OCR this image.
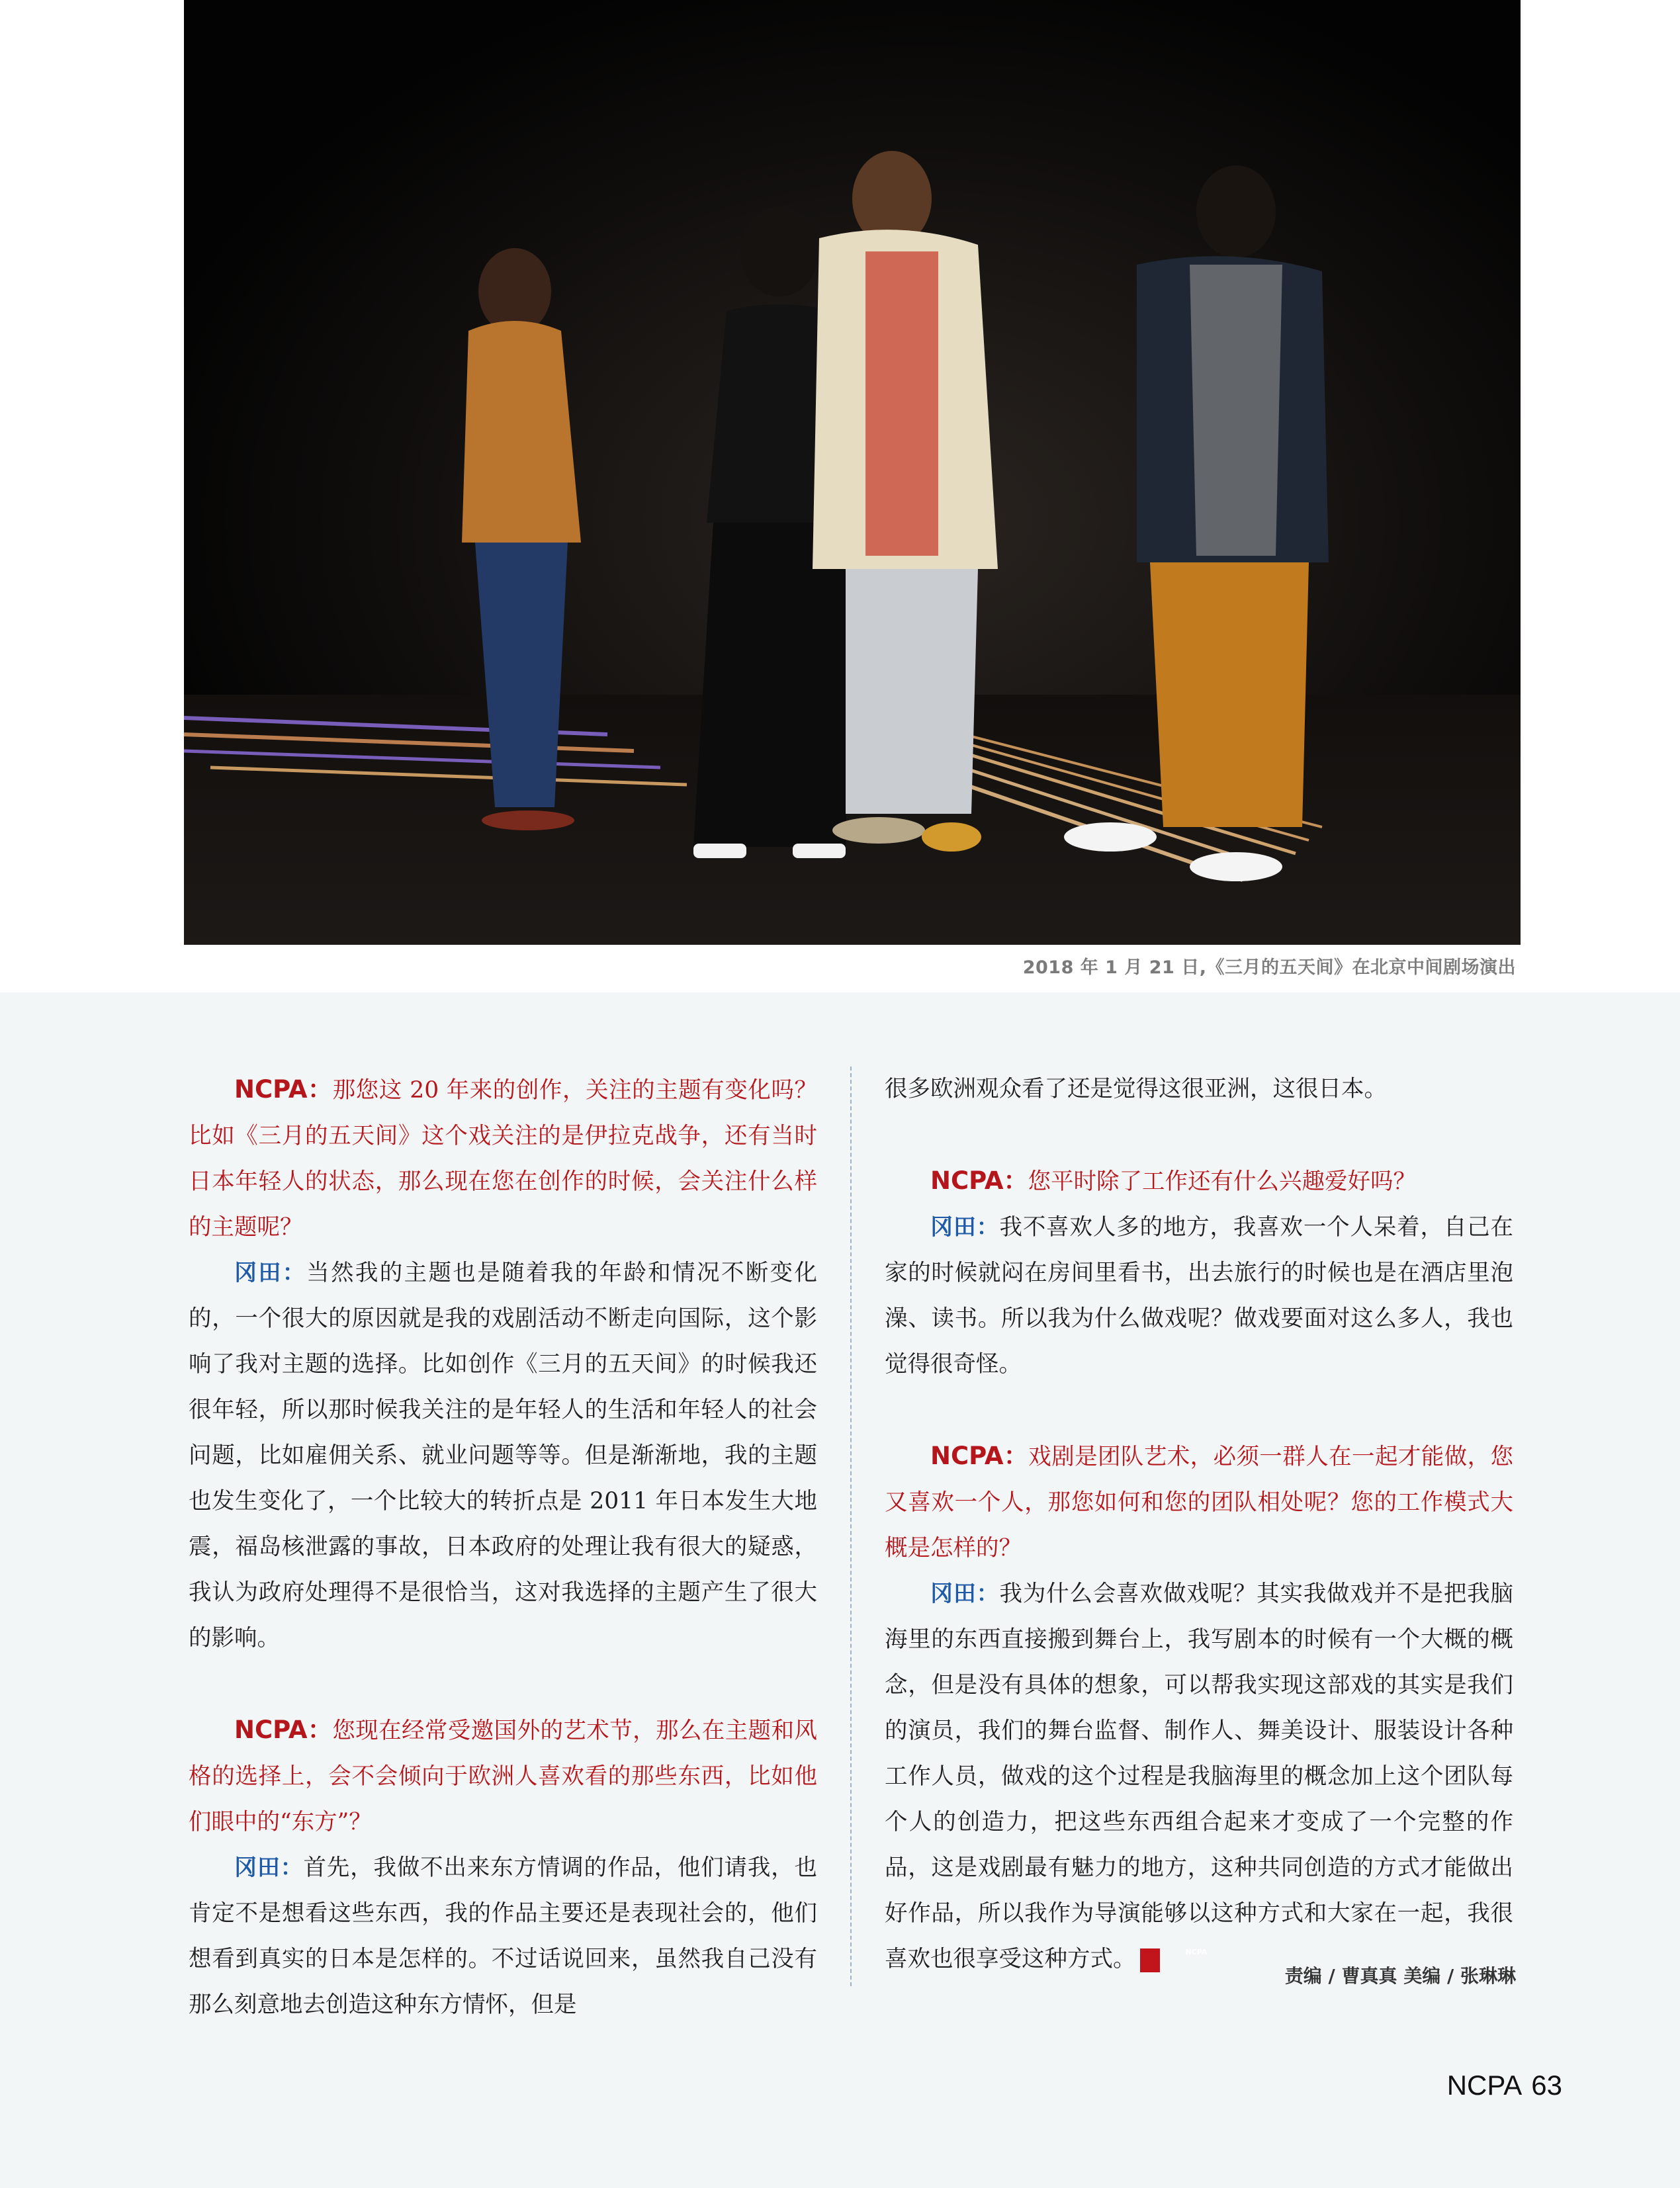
2018 年 1 月 21 日,《三月的五天间》在北京中间剧场演出

NCPA：那您这 20 年来的创作，关注的主题有变化吗？比如《三月的五天间》这个戏关注的是伊拉克战争，还有当时日本年轻人的状态，那么现在您在创作的时候，会关注什么样的主题呢？

冈田：当然我的主题也是随着我的年龄和情况不断变化的，一个很大的原因就是我的戏剧活动不断走向国际，这个影响了我对主题的选择。比如创作《三月的五天间》的时候我还很年轻，所以那时候我关注的是年轻人的生活和年轻人的社会问题，比如雇佣关系、就业问题等等。但是渐渐地，我的主题也发生变化了，一个比较大的转折点是 2011 年日本发生大地震，福岛核泄露的事故，日本政府的处理让我有很大的疑惑，我认为政府处理得不是很恰当，这对我选择的主题产生了很大的影响。

NCPA：您现在经常受邀国外的艺术节，那么在主题和风格的选择上，会不会倾向于欧洲人喜欢看的那些东西，比如他们眼中的“东方”？

冈田：首先，我做不出来东方情调的作品，他们请我，也肯定不是想看这些东西，我的作品主要还是表现社会的，他们想看到真实的日本是怎样的。不过话说回来，虽然我自己没有那么刻意地去创造这种东方情怀，但是

很多欧洲观众看了还是觉得这很亚洲，这很日本。

NCPA：您平时除了工作还有什么兴趣爱好吗？

冈田：我不喜欢人多的地方，我喜欢一个人呆着，自己在家的时候就闷在房间里看书，出去旅行的时候也是在酒店里泡澡、读书。所以我为什么做戏呢？做戏要面对这么多人，我也觉得很奇怪。

NCPA：戏剧是团队艺术，必须一群人在一起才能做，您又喜欢一个人，那您如何和您的团队相处呢？您的工作模式大概是怎样的？

冈田：我为什么会喜欢做戏呢？其实我做戏并不是把我脑海里的东西直接搬到舞台上，我写剧本的时候有一个大概的概念，但是没有具体的想象，可以帮我实现这部戏的其实是我们的演员，我们的舞台监督、制作人、舞美设计、服装设计各种工作人员，做戏的这个过程是我脑海里的概念加上这个团队每个人的创造力，把这些东西组合起来才变成了一个完整的作品，这是戏剧最有魅力的地方，这种共同创造的方式才能做出好作品，所以我作为导演能够以这种方式和大家在一起，我很喜欢也很享受这种方式。	NCPA

责编 / 曹真真 美编 / 张琳琳
NCPA 63
